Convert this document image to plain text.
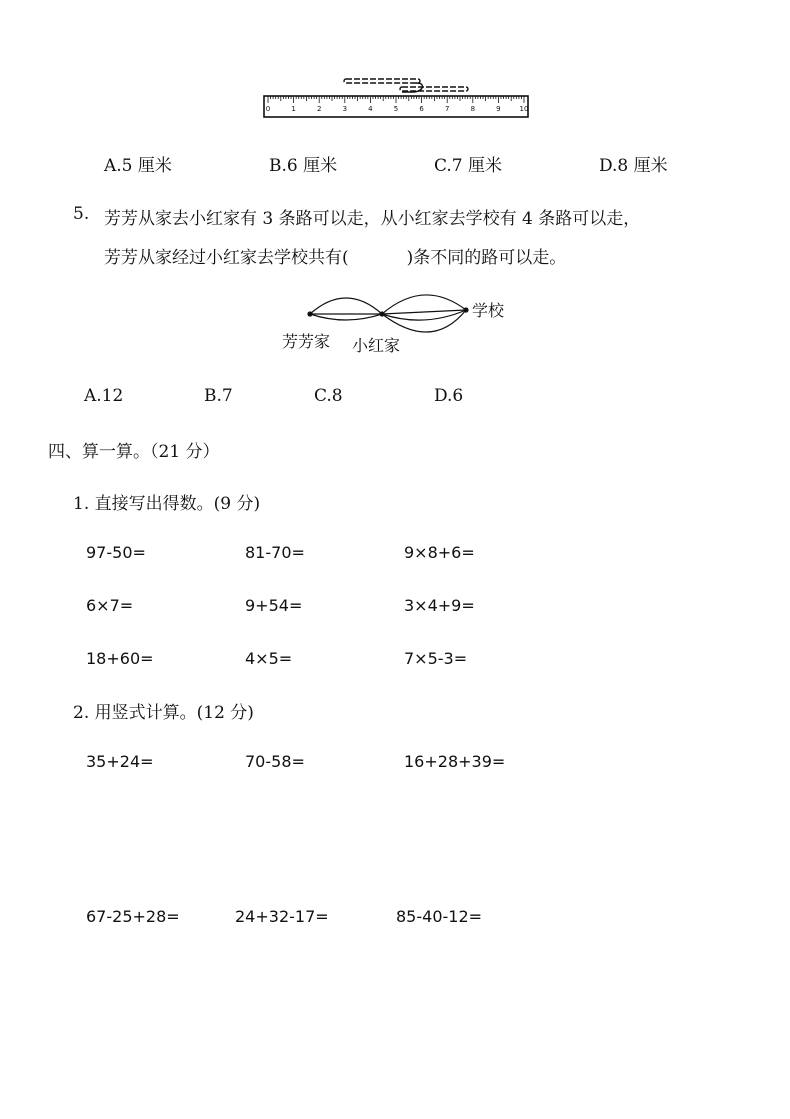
0	1	2	3	4	5	6	7	8	9	10
A.5 厘米	B.6 厘米	C.7 厘米	D.8 厘米
5. 芳芳从家去小红家有 3 条路可以走，从小红家去学校有 4 条路可以走，
芳芳从家经过小红家去学校共有(	)条不同的路可以走。
芳芳家 小红家
学校
A.12	B.7	C.8	D.6
四、算一算。（21 分）
1. 直接写出得数。(9 分)
97-50=	81-70=	9×8+6=
6×7=	9+54=	3×4+9=
18+60=	4×5=	7×5-3=
2. 用竖式计算。(12 分)
35+24=	70-58=	16+28+39=
67-25+28=	24+32-17=	85-40-12=
